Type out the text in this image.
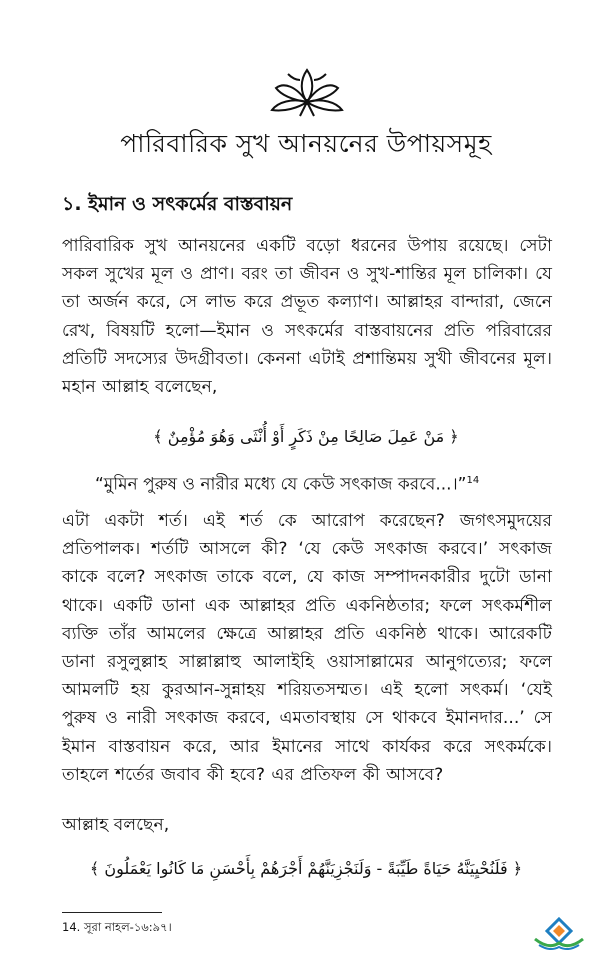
পারিবারিক সুখ আনয়নের উপায়সমূহ
১. ইমান ও সৎকর্মের বাস্তবায়ন
পারিবারিক সুখ আনয়নের একটি বড়ো ধরনের উপায় রয়েছে। সেটা সকল সুখের মূল ও প্রাণ। বরং তা জীবন ও সুখ-শান্তির মূল চালিকা। যে তা অর্জন করে, সে লাভ করে প্রভূত কল্যাণ। আল্লাহর বান্দারা, জেনে রেখ, বিষয়টি হলো—ইমান ও সৎকর্মের বাস্তবায়নের প্রতি পরিবারের প্রতিটি সদস্যের উদগ্রীবতা। কেননা এটাই প্রশান্তিময় সুখী জীবনের মূল। মহান আল্লাহ বলেছেন,
﴿ مَنْ عَمِلَ صَالِحًا مِنْ ذَكَرٍ أَوْ أُنْثَى وَهُوَ مُؤْمِنٌ ﴾
“মুমিন পুরুষ ও নারীর মধ্যে যে কেউ সৎকাজ করবে...।”$^{14}$
এটা একটা শর্ত। এই শর্ত কে আরোপ করেছেন? জগৎসমুদয়ের প্রতিপালক। শর্তটি আসলে কী? ‘যে কেউ সৎকাজ করবে।’ সৎকাজ কাকে বলে? সৎকাজ তাকে বলে, যে কাজ সম্পাদনকারীর দুটো ডানা থাকে। একটি ডানা এক আল্লাহর প্রতি একনিষ্ঠতার; ফলে সৎকর্মশীল ব্যক্তি তাঁর আমলের ক্ষেত্রে আল্লাহর প্রতি একনিষ্ঠ থাকে। আরেকটি ডানা রসুলুল্লাহ সাল্লাল্লাহু আলাইহি ওয়াসাল্লামের আনুগত্যের; ফলে আমলটি হয় কুরআন-সুন্নাহয় শরিয়তসম্মত। এই হলো সৎকর্ম। ‘যেই পুরুষ ও নারী সৎকাজ করবে, এমতাবস্থায় সে থাকবে ইমানদার...’ সে ইমান বাস্তবায়ন করে, আর ইমানের সাথে কার্যকর করে সৎকর্মকে। তাহলে শর্তের জবাব কী হবে? এর প্রতিফল কী আসবে?
আল্লাহ বলছেন,
﴿ فَلَنُحْيِيَنَّهُ حَيَاةً طَيِّبَةً - وَلَنَجْزِيَنَّهُمْ أَجْرَهُمْ بِأَحْسَنِ مَا كَانُوا يَعْمَلُونَ ﴾
14. সূরা নাহল-১৬:৯৭।
